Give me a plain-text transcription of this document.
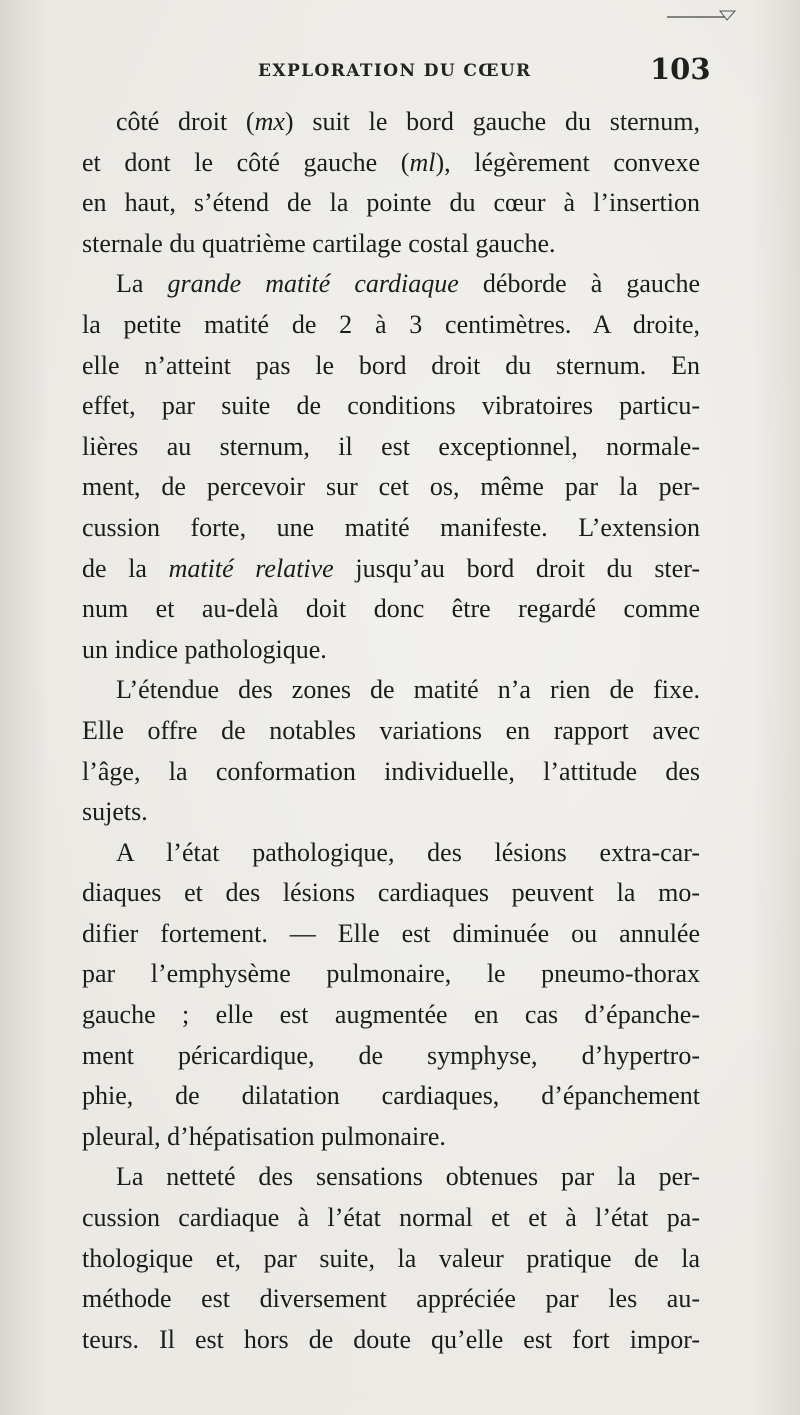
EXPLORATION DU CŒUR	103
côté droit (mx) suit le bord gauche du sternum,
et dont le côté gauche (ml), légèrement convexe
en haut, s’étend de la pointe du cœur à l’insertion
sternale du quatrième cartilage costal gauche.
La grande matité cardiaque déborde à gauche
la petite matité de 2 à 3 centimètres. A droite,
elle n’atteint pas le bord droit du sternum. En
effet, par suite de conditions vibratoires particu-
lières au sternum, il est exceptionnel, normale-
ment, de percevoir sur cet os, même par la per-
cussion forte, une matité manifeste. L’extension
de la matité relative jusqu’au bord droit du ster-
num et au-delà doit donc être regardé comme
un indice pathologique.
L’étendue des zones de matité n’a rien de fixe.
Elle offre de notables variations en rapport avec
l’âge, la conformation individuelle, l’attitude des
sujets.
A l’état pathologique, des lésions extra-car-
diaques et des lésions cardiaques peuvent la mo-
difier fortement. — Elle est diminuée ou annulée
par l’emphysème pulmonaire, le pneumo-thorax
gauche ; elle est augmentée en cas d’épanche-
ment péricardique, de symphyse, d’hypertro-
phie, de dilatation cardiaques, d’épanchement
pleural, d’hépatisation pulmonaire.
La netteté des sensations obtenues par la per-
cussion cardiaque à l’état normal et et à l’état pa-
thologique et, par suite, la valeur pratique de la
méthode est diversement appréciée par les au-
teurs. Il est hors de doute qu’elle est fort impor-
